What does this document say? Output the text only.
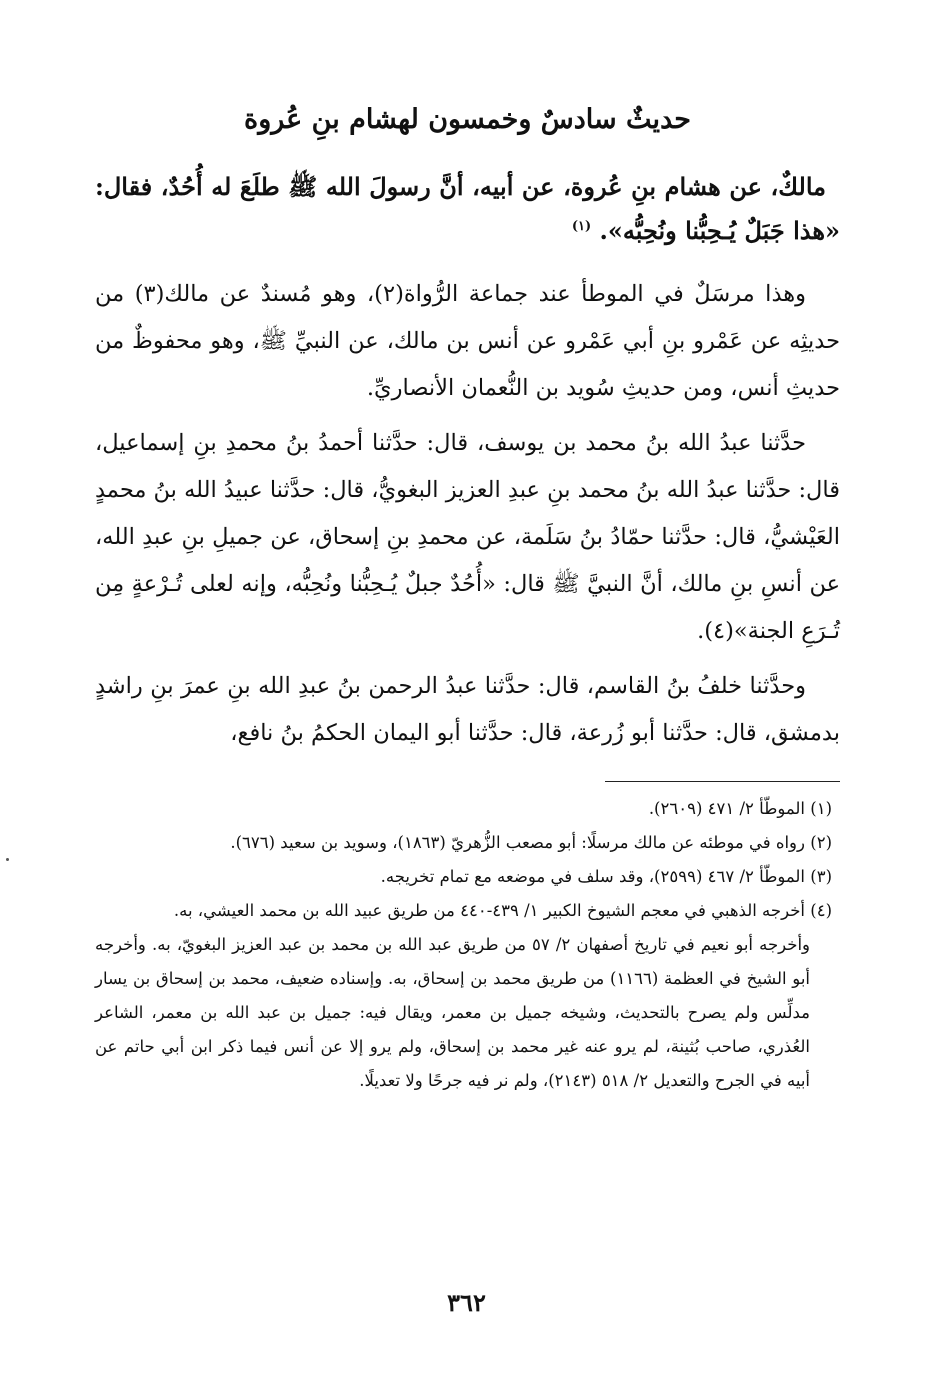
حديثٌ سادسٌ وخمسون لهشام بنِ عُروة

مالكٌ، عن هشام بنِ عُروة، عن أبيه، أنَّ رسولَ الله ﷺ طلَعَ له أُحُدٌ، فقال: «هذا جَبَلٌ يُـحِبُّنا ونُحِبُّه». $^{(١)}$

وهذا مرسَلٌ في الموطأ عند جماعة الرُّواة(٢)، وهو مُسندٌ عن مالك(٣) من حديثِه عن عَمْرو بنِ أبي عَمْرو عن أنس بن مالك، عن النبيِّ ﷺ، وهو محفوظٌ من حديثِ أنس، ومن حديثِ سُويد بن النُّعمان الأنصاريِّ.

حدَّثنا عبدُ الله بنُ محمد بن يوسف، قال: حدَّثنا أحمدُ بنُ محمدِ بنِ إسماعيل، قال: حدَّثنا عبدُ الله بنُ محمد بنِ عبدِ العزيز البغويُّ، قال: حدَّثنا عبيدُ الله بنُ محمدٍ العَيْشيُّ، قال: حدَّثنا حمّادُ بنُ سَلَمة، عن محمدِ بنِ إسحاق، عن جميلِ بنِ عبدِ الله، عن أنسِ بنِ مالك، أنَّ النبيَّ ﷺ قال: «أُحُدٌ جبلٌ يُـحِبُّنا ونُحِبُّه، وإنه لعلى تُـرْعةٍ مِن تُـرَعِ الجنة»(٤).

وحدَّثنا خلفُ بنُ القاسم، قال: حدَّثنا عبدُ الرحمن بنُ عبدِ الله بنِ عمرَ بنِ راشدٍ بدمشق، قال: حدَّثنا أبو زُرعة، قال: حدَّثنا أبو اليمان الحكمُ بنُ نافع،

(١) الموطّأ ٢/ ٤٧١ (٢٦٠٩).

(٢) رواه في موطئه عن مالك مرسلًا: أبو مصعب الزُّهريّ (١٨٦٣)، وسويد بن سعيد (٦٧٦).

(٣) الموطّأ ٢/ ٤٦٧ (٢٥٩٩)، وقد سلف في موضعه مع تمام تخريجه.

(٤) أخرجه الذهبي في معجم الشيوخ الكبير ١/ ٤٣٩-٤٤٠ من طريق عبيد الله بن محمد العيشي، به.

وأخرجه أبو نعيم في تاريخ أصفهان ٢/ ٥٧ من طريق عبد الله بن محمد بن عبد العزيز البغويّ، به. وأخرجه أبو الشيخ في العظمة (١١٦٦) من طريق محمد بن إسحاق، به. وإسناده ضعيف، محمد بن إسحاق بن يسار مدلِّس ولم يصرح بالتحديث، وشيخه جميل بن معمر، ويقال فيه: جميل بن عبد الله بن معمر، الشاعر العُذري، صاحب بُثينة، لم يرو عنه غير محمد بن إسحاق، ولم يرو إلا عن أنس فيما ذكر ابن أبي حاتم عن أبيه في الجرح والتعديل ٢/ ٥١٨ (٢١٤٣)، ولم نر فيه جرحًا ولا تعديلًا.

٣٦٢
